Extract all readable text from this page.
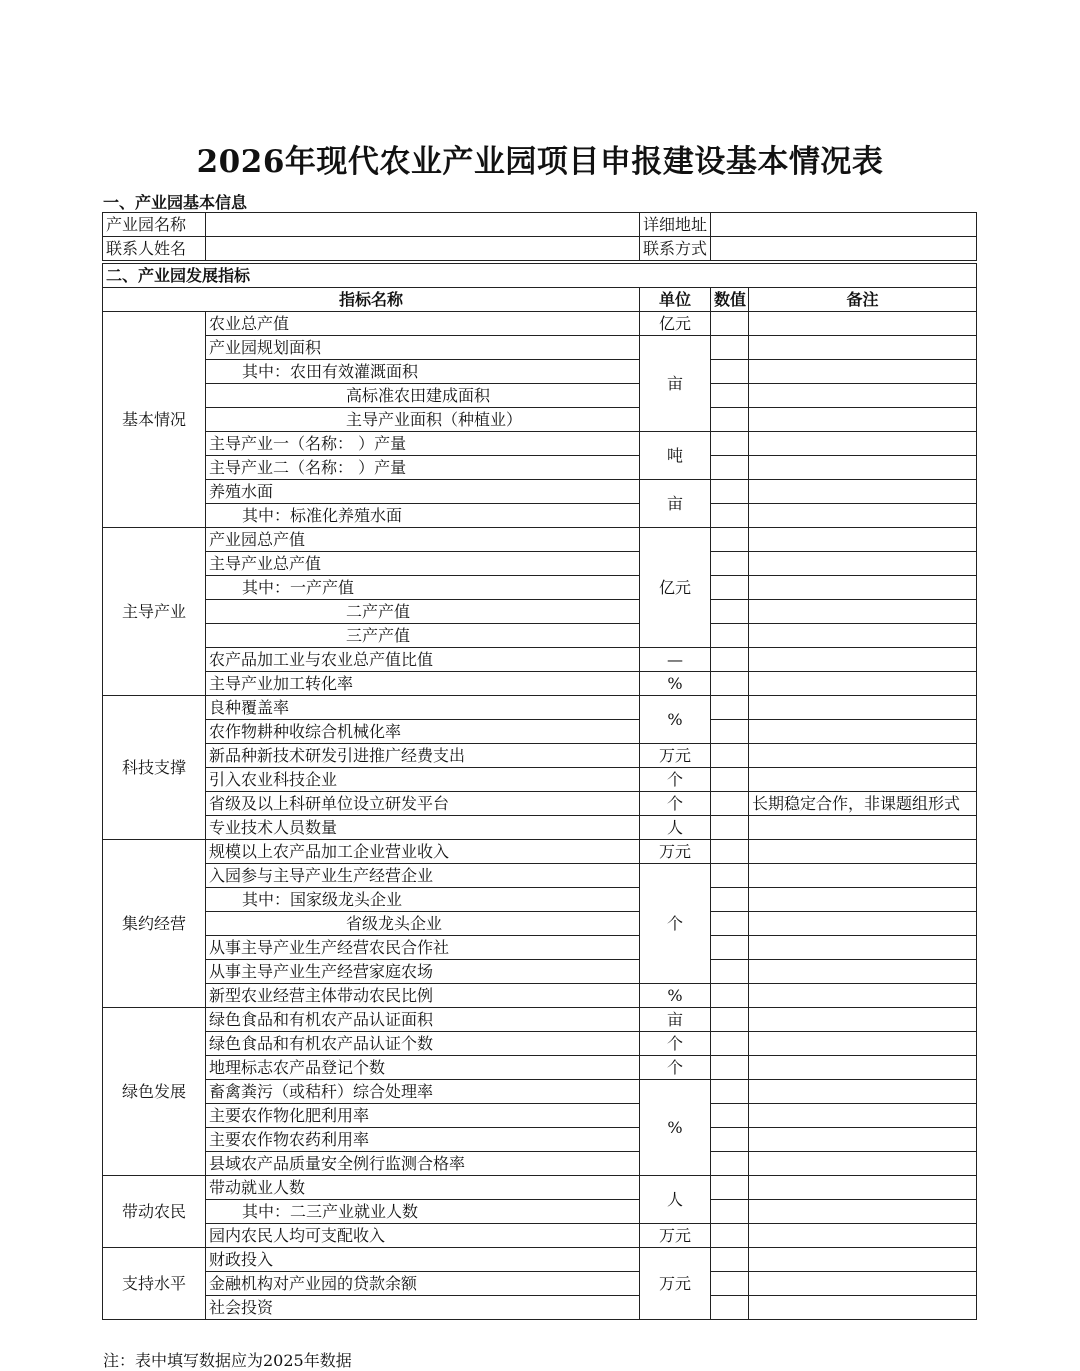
2026年现代农业产业园项目申报建设基本情况表
一、产业园基本信息
产业园名称		详细地址	
联系人姓名		联系方式	
二、产业园发展指标				
指标名称		单位	数值	备注
基本情况	农业总产值	亿元		
	产业园规划面积	亩		
	其中：农田有效灌溉面积			
	高标准农田建成面积			
	主导产业面积（种植业）			
	主导产业一（名称： ）产量	吨		
	主导产业二（名称： ）产量			
	养殖水面	亩		
	其中：标准化养殖水面			
主导产业	产业园总产值	亿元		
	主导产业总产值			
	其中：一产产值			
	二产产值			
	三产产值			
	农产品加工业与农业总产值比值	—		
	主导产业加工转化率	%		
科技支撑	良种覆盖率	%		
	农作物耕种收综合机械化率			
	新品种新技术研发引进推广经费支出	万元		
	引入农业科技企业	个		
	省级及以上科研单位设立研发平台	个		长期稳定合作，非课题组形式
	专业技术人员数量	人		
集约经营	规模以上农产品加工企业营业收入	万元		
	入园参与主导产业生产经营企业	个		
	其中：国家级龙头企业			
	省级龙头企业			
	从事主导产业生产经营农民合作社			
	从事主导产业生产经营家庭农场			
	新型农业经营主体带动农民比例	%		
绿色发展	绿色食品和有机农产品认证面积	亩		
	绿色食品和有机农产品认证个数	个		
	地理标志农产品登记个数	个		
	畜禽粪污（或秸秆）综合处理率	%		
	主要农作物化肥利用率			
	主要农作物农药利用率			
	县域农产品质量安全例行监测合格率			
带动农民	带动就业人数	人		
	其中：二三产业就业人数			
	园内农民人均可支配收入	万元		
支持水平	财政投入	万元		
	金融机构对产业园的贷款余额			
	社会投资			
注：表中填写数据应为2025年数据
